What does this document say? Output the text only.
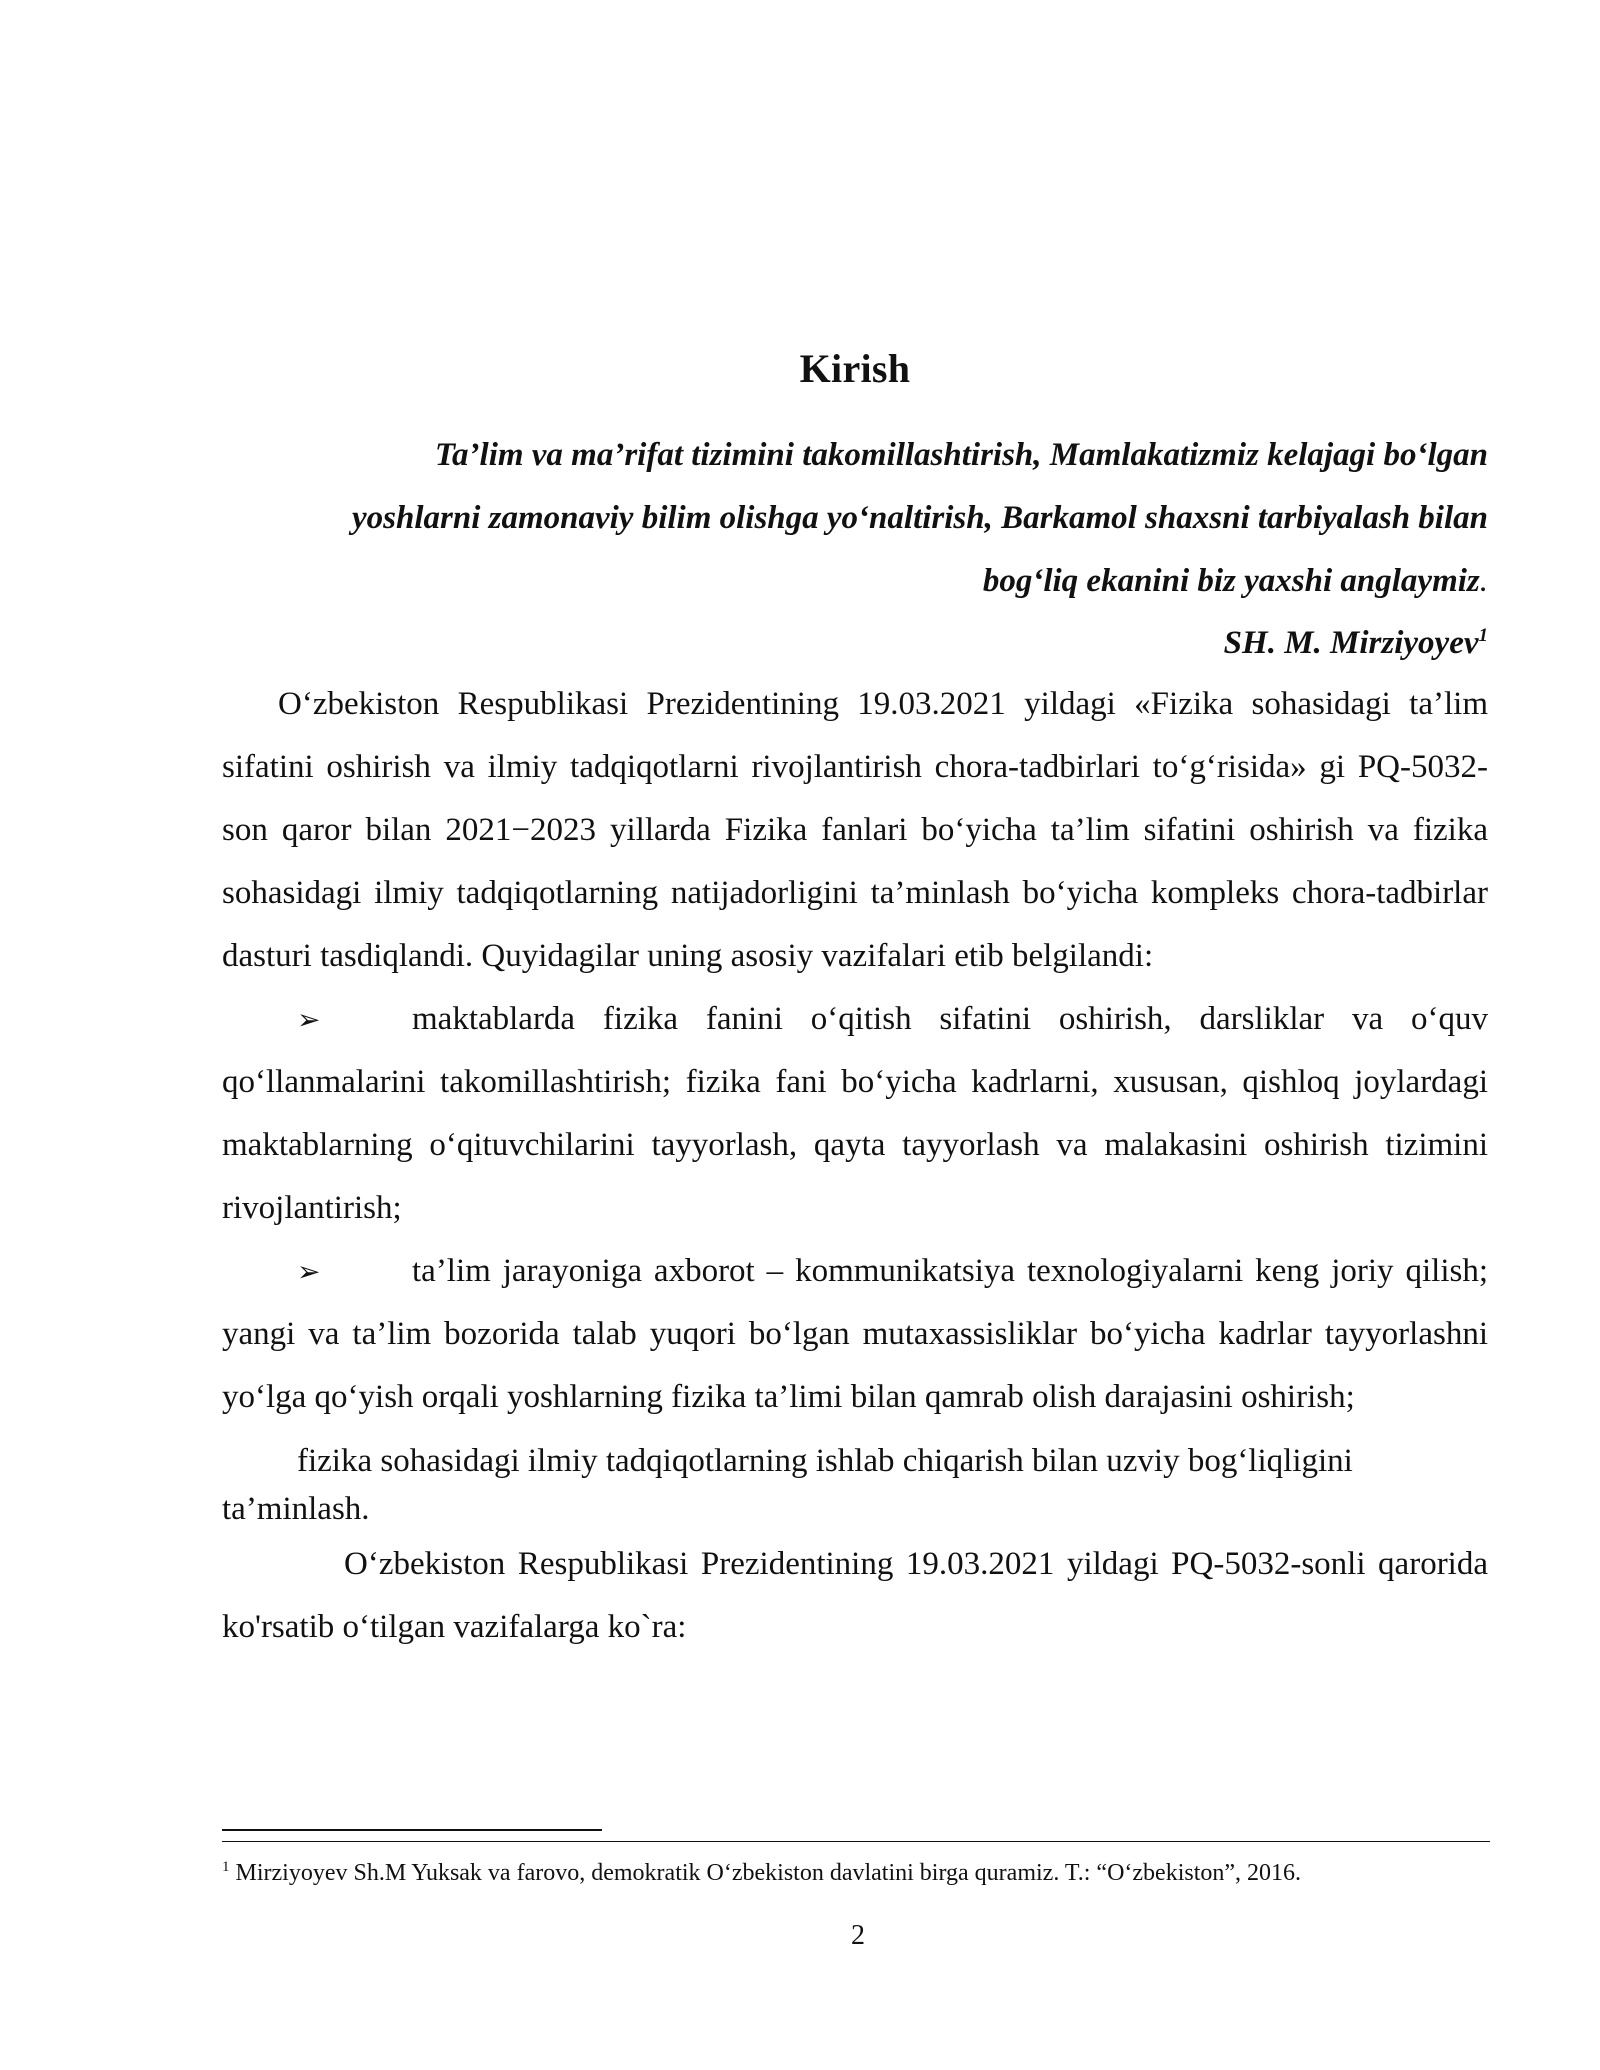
Kirish
Ta’lim va ma’rifat tizimini takomillashtirish, Mamlakatizmiz kelajagi bo‘lgan yoshlarni zamonaviy bilim olishga yo‘naltirish, Barkamol shaxsni tarbiyalash bilan bog‘liq ekanini biz yaxshi anglaymiz.
SH. M. Mirziyoyev$^1$

O‘zbekiston Respublikasi Prezidentining 19.03.2021 yildagi «Fizika sohasidagi ta’lim sifatini oshirish va ilmiy tadqiqotlarni rivojlantirish chora-tadbirlari to‘g‘risida» gi PQ-5032-son qaror bilan 2021−2023 yillarda Fizika fanlari bo‘yicha ta’lim sifatini oshirish va fizika sohasidagi ilmiy tadqiqotlarning natijadorligini ta’minlash bo‘yicha kompleks chora-tadbirlar dasturi tasdiqlandi. Quyidagilar uning asosiy vazifalari etib belgilandi:

➢	maktablarda fizika fanini o‘qitish sifatini oshirish, darsliklar va o‘quv qo‘llanmalarini takomillashtirish; fizika fani bo‘yicha kadrlarni, xususan, qishloq joylardagi maktablarning o‘qituvchilarini tayyorlash, qayta tayyorlash va malakasini oshirish tizimini rivojlantirish;

➢	ta’lim jarayoniga axborot – kommunikatsiya texnologiyalarni keng joriy qilish; yangi va ta’lim bozorida talab yuqori bo‘lgan mutaxassisliklar bo‘yicha kadrlar tayyorlashni yo‘lga qo‘yish orqali yoshlarning fizika ta’limi bilan qamrab olish darajasini oshirish;

fizika sohasidagi ilmiy tadqiqotlarning ishlab chiqarish bilan uzviy bog‘liqligini ta’minlash.

O‘zbekiston Respublikasi Prezidentining 19.03.2021 yildagi PQ-5032-sonli qarorida ko'rsatib o‘tilgan vazifalarga ko`ra:

$^1$ Mirziyoyev Sh.M Yuksak va farovo, demokratik O‘zbekiston davlatini birga quramiz. T.: “O‘zbekiston”, 2016.
2
